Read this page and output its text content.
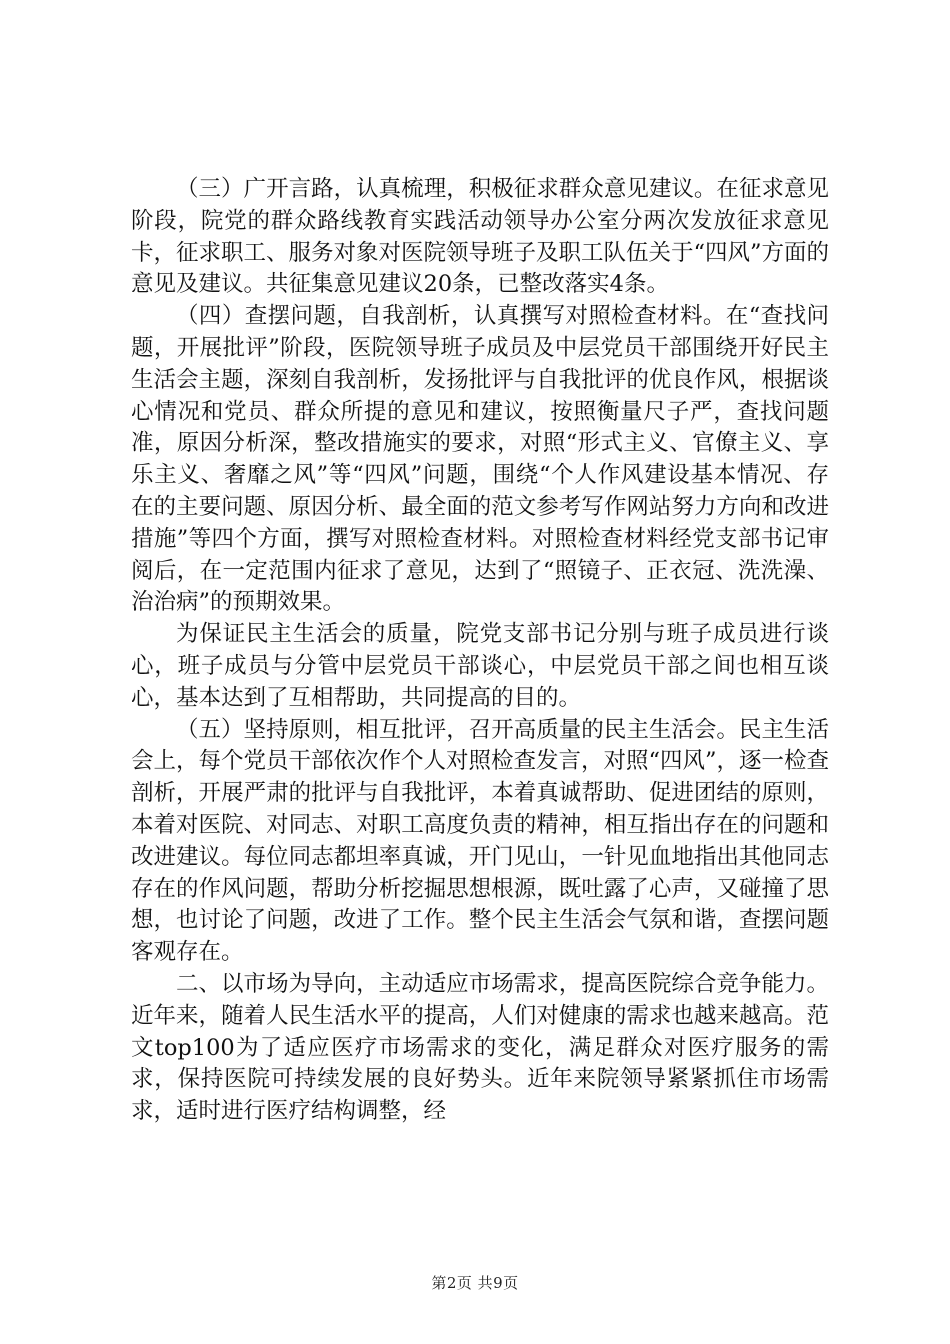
（三）广开言路，认真梳理，积极征求群众意见建议。在征求意见阶段，院党的群众路线教育实践活动领导办公室分两次发放征求意见卡，征求职工、服务对象对医院领导班子及职工队伍关于“四风”方面的意见及建议。共征集意见建议20条，已整改落实4条。

（四）查摆问题，自我剖析，认真撰写对照检查材料。在“查找问题，开展批评”阶段，医院领导班子成员及中层党员干部围绕开好民主生活会主题，深刻自我剖析，发扬批评与自我批评的优良作风，根据谈心情况和党员、群众所提的意见和建议，按照衡量尺子严，查找问题准，原因分析深，整改措施实的要求，对照“形式主义、官僚主义、享乐主义、奢靡之风”等“四风”问题，围绕“个人作风建设基本情况、存在的主要问题、原因分析、最全面的范文参考写作网站努力方向和改进措施”等四个方面，撰写对照检查材料。对照检查材料经党支部书记审阅后，在一定范围内征求了意见，达到了“照镜子、正衣冠、洗洗澡、治治病”的预期效果。

为保证民主生活会的质量，院党支部书记分别与班子成员进行谈心，班子成员与分管中层党员干部谈心，中层党员干部之间也相互谈心，基本达到了互相帮助，共同提高的目的。

（五）坚持原则，相互批评，召开高质量的民主生活会。民主生活会上，每个党员干部依次作个人对照检查发言，对照“四风”，逐一检查剖析，开展严肃的批评与自我批评，本着真诚帮助、促进团结的原则，本着对医院、对同志、对职工高度负责的精神，相互指出存在的问题和改进建议。每位同志都坦率真诚，开门见山，一针见血地指出其他同志存在的作风问题，帮助分析挖掘思想根源，既吐露了心声，又碰撞了思想，也讨论了问题，改进了工作。整个民主生活会气氛和谐，查摆问题客观存在。

二、以市场为导向，主动适应市场需求，提高医院综合竞争能力。近年来，随着人民生活水平的提高，人们对健康的需求也越来越高。范文top100为了适应医疗市场需求的变化，满足群众对医疗服务的需求，保持医院可持续发展的良好势头。近年来院领导紧紧抓住市场需求，适时进行医疗结构调整，经

第2页 共9页
